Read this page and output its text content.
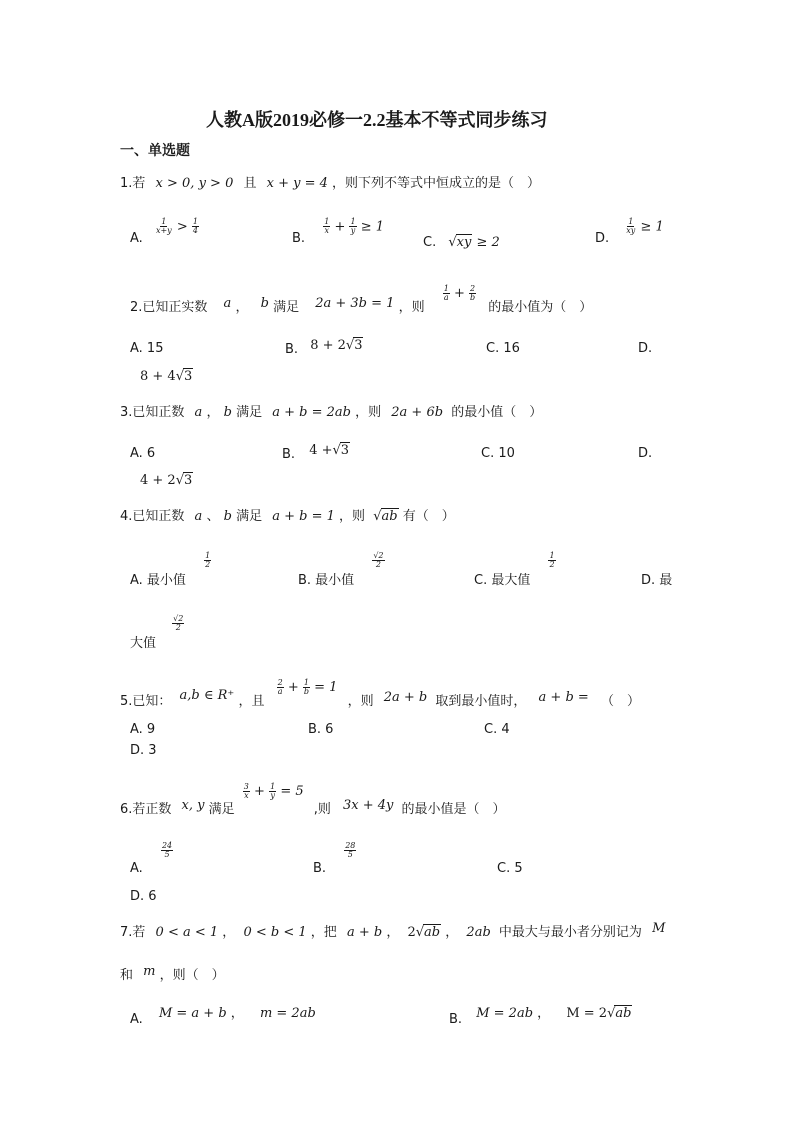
人教A版2019必修一2.2基本不等式同步练习
一、单选题
1.若 x > 0, y > 0 且 x + y = 4 ，则下列不等式中恒成立的是（　）
A.
$\frac{1}{x+y} > \frac{1}{4}$
B.
$\frac{1}{x} + \frac{1}{y} \ge 1$
C. √xy ≥ 2	D.
$\frac{1}{xy} \ge 1$
2.已知正实数 a ， b 满足 2a + 3b = 1 ，则
$\frac{1}{a} + \frac{2}{b}$
的最小值为（　）
A. 15	B. 8 + 2√3	C. 16	D.
8 + 4√3
3.已知正数 a ， b 满足 a + b = 2ab ，则 2a + 6b 的最小值（　）
A. 6	B. 4 +√3	C. 10	D.
4 + 2√3
4.已知正数 a 、 b 满足 a + b = 1 ，则 √ab 有（　）
A. 最小值
$\frac{1}{2}$
B. 最小值
$\frac{√2}{2}$
C. 最大值
$\frac{1}{2}$
D. 最
大值
$\frac{√2}{2}$
5.已知： a,b ∈ R⁺ ，且
$\frac{2}{a} + \frac{1}{b} = 1$ ，则 2a + b 取到最小值时， a + b = （　）
A. 9	B. 6	C. 4
D. 3
6.若正数 x, y 满足
$\frac{3}{x} + \frac{1}{y} = 5$ ,则 3x + 4y 的最小值是（　）
A.
$\frac{24}{5}$
B.
$\frac{28}{5}$
C. 5
D. 6
7.若 0 < a < 1 ， 0 < b < 1 ，把 a + b ， 2√ab ， 2ab 中最大与最小者分别记为 M
和 m ，则（　）
A. M = a + b ， m = 2ab	B. M = 2ab ， M = 2√ab
